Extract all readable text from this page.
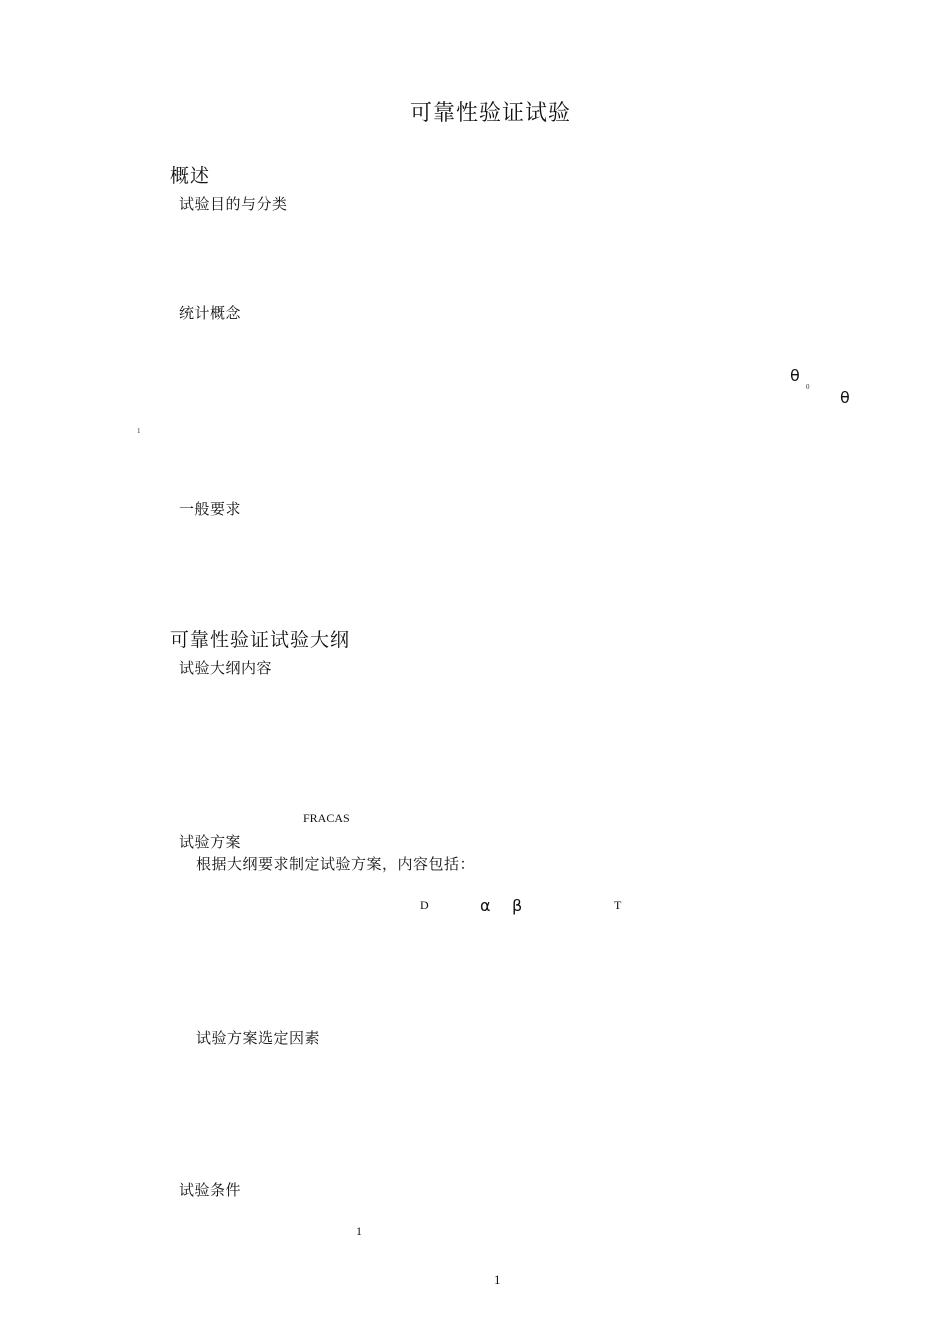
可靠性验证试验
概述
试验目的与分类
统计概念
θ
0
θ
1
一般要求
可靠性验证试验大纲
试验大纲内容
FRACAS
试验方案
根据大纲要求制定试验方案，内容包括：
D	α β	T
试验方案选定因素
试验条件
1
1
